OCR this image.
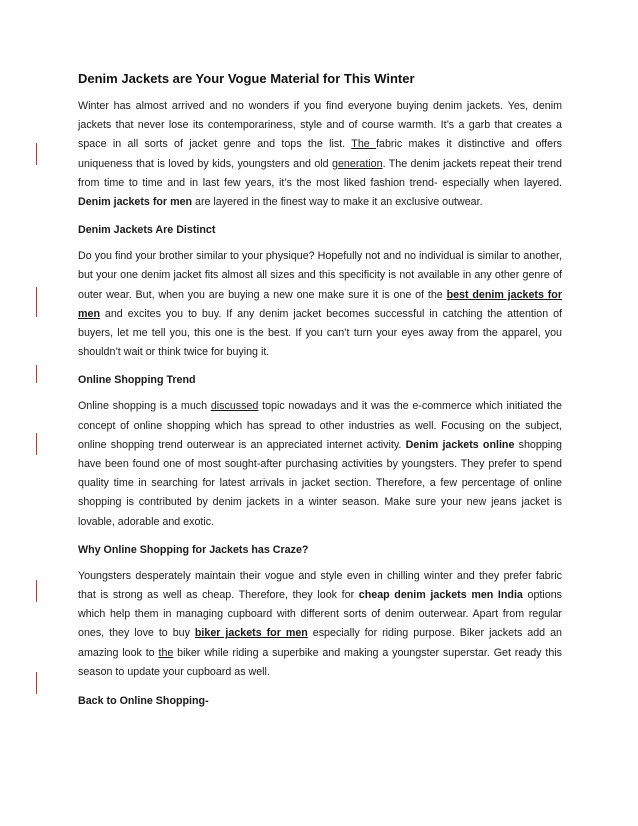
Denim Jackets are Your Vogue Material for This Winter

Winter has almost arrived and no wonders if you find everyone buying denim jackets. Yes, denim jackets that never lose its contemporariness, style and of course warmth. It’s a garb that creates a space in all sorts of jacket genre and tops the list. The fabric makes it distinctive and offers uniqueness that is loved by kids, youngsters and old generation. The denim jackets repeat their trend from time to time and in last few years, it’s the most liked fashion trend- especially when layered. Denim jackets for men are layered in the finest way to make it an exclusive outwear.

Denim Jackets Are Distinct

Do you find your brother similar to your physique? Hopefully not and no individual is similar to another, but your one denim jacket fits almost all sizes and this specificity is not available in any other genre of outer wear. But, when you are buying a new one make sure it is one of the best denim jackets for men and excites you to buy. If any denim jacket becomes successful in catching the attention of buyers, let me tell you, this one is the best. If you can’t turn your eyes away from the apparel, you shouldn’t wait or think twice for buying it.

Online Shopping Trend

Online shopping is a much discussed topic nowadays and it was the e-commerce which initiated the concept of online shopping which has spread to other industries as well. Focusing on the subject, online shopping trend outerwear is an appreciated internet activity. Denim jackets online shopping have been found one of most sought-after purchasing activities by youngsters. They prefer to spend quality time in searching for latest arrivals in jacket section. Therefore, a few percentage of online shopping is contributed by denim jackets in a winter season. Make sure your new jeans jacket is lovable, adorable and exotic.

Why Online Shopping for Jackets has Craze?

Youngsters desperately maintain their vogue and style even in chilling winter and they prefer fabric that is strong as well as cheap. Therefore, they look for cheap denim jackets men India options which help them in managing cupboard with different sorts of denim outerwear. Apart from regular ones, they love to buy biker jackets for men especially for riding purpose. Biker jackets add an amazing look to the biker while riding a superbike and making a youngster superstar. Get ready this season to update your cupboard as well.

Back to Online Shopping-
